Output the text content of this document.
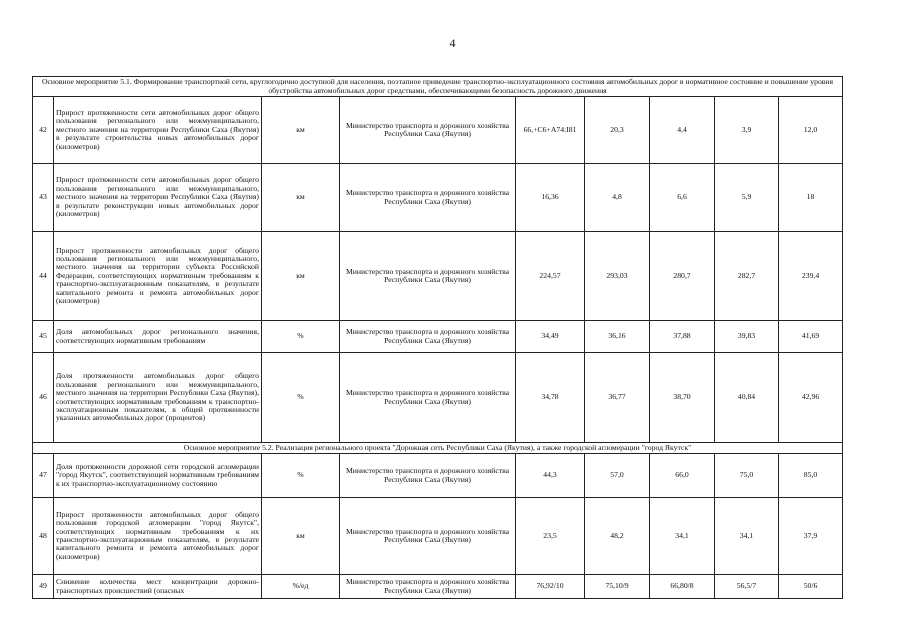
4
Основное мероприятие 5.1. Формирование транспортной сети, круглогодично доступной для населения, поэтапное приведение транспортно-эксплуатационного состояния автомобильных дорог в нормативное состояние и повышение уровня обустройства автомобильных дорог средствами, обеспечивающими безопасность дорожного движения								
42	Прирост протяженности сети автомобильных дорог общего пользования регионального или межмуниципального, местного значения на территории Республики Саха (Якутия) в результате строительства новых автомобильных дорог (километров)	км	Министерство транспорта и дорожного хозяйства Республики Саха (Якутия)	66,+C6+A74:I81	20,3	4,4	3,9	12,0
43	Прирост протяженности сети автомобильных дорог общего пользования регионального или межмуниципального, местного значения на территории Республики Саха (Якутия) в результате реконструкции новых автомобильных дорог (километров)	км	Министерство транспорта и дорожного хозяйства Республики Саха (Якутия)	16,36	4,8	6,6	5,9	18
44	Прирост протяженности автомобильных дорог общего пользования регионального или межмуниципального, местного значения на территории субъекта Российской Федерации, соответствующих нормативным требованиям к транспортно-эксплуатационным показателям, в результате капитального ремонта и ремонта автомобильных дорог (километров)	км	Министерство транспорта и дорожного хозяйства Республики Саха (Якутия)	224,57	293,03	280,7	282,7	239,4
45	Доля автомобильных дорог регионального значения, соответствующих нормативным требованиям	%	Министерство транспорта и дорожного хозяйства Республики Саха (Якутия)	34,49	36,16	37,88	39,83	41,69
46	Доля протяженности автомобильных дорог общего пользования регионального или межмуниципального, местного значения на территории Республики Саха (Якутия), соответствующих нормативным требованиям к транспортно-эксплуатационным показателям, в общей протяженности указанных автомобильных дорог (процентов)	%	Министерство транспорта и дорожного хозяйства Республики Саха (Якутия)	34,78	36,77	38,70	40,84	42,96
Основное мероприятие 5.2. Реализация регионального проекта "Дорожная сеть Республики Саха (Якутия), а также городской агломерации "город Якутск"								
47	Доля протяженности дорожной сети городской агломерации "город Якутск", соответствующей нормативным требованиям к их транспортно-эксплуатационному состоянию	%	Министерство транспорта и дорожного хозяйства Республики Саха (Якутия)	44,3	57,0	66,0	75,0	85,0
48	Прирост протяженности автомобильных дорог общего пользования городской агломерации "город Якутск", соответствующих нормативным требованиям к их транспортно-эксплуатационным показателям, в результате капитального ремонта и ремонта автомобильных дорог (километров)	км	Министерство транспорта и дорожного хозяйства Республики Саха (Якутия)	23,5	48,2	34,1	34,1	37,9
49	Снижение количества мест концентрации дорожно-транспортных происшествий (опасных	%/ед	Министерство транспорта и дорожного хозяйства Республики Саха (Якутия)	76,92/10	75,10/9	66,80/8	56,5/7	50/6
